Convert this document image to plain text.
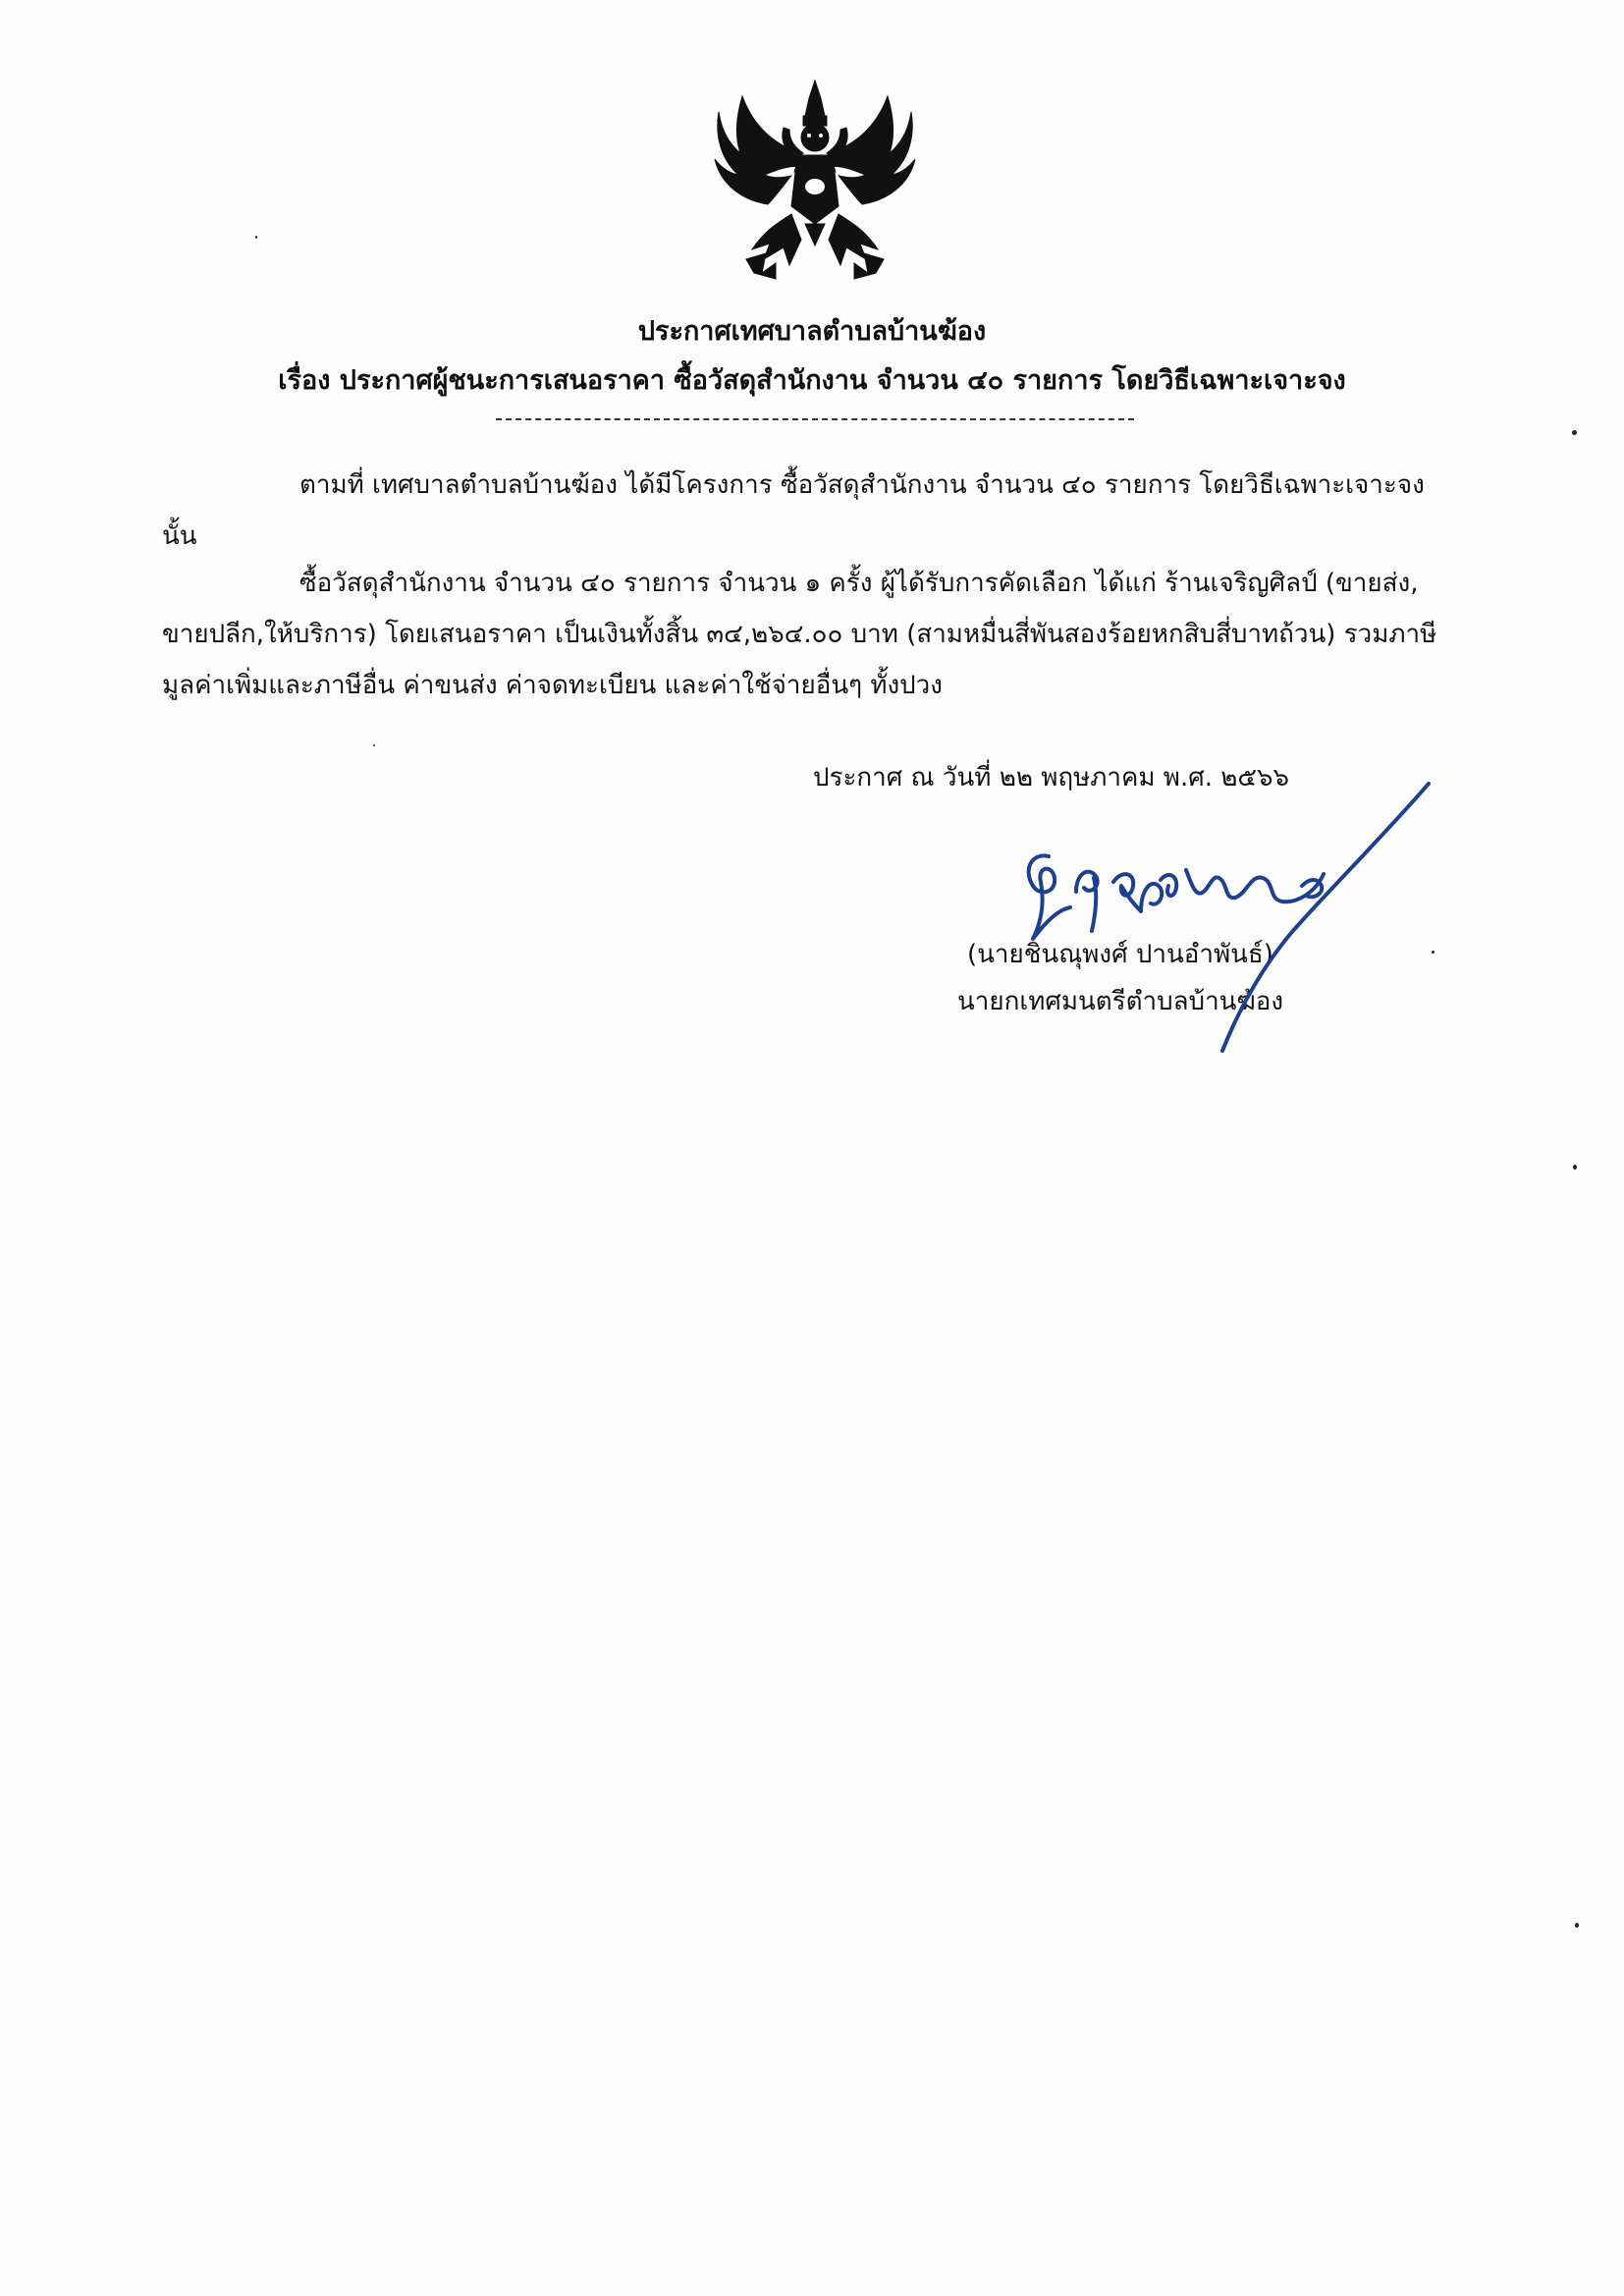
ประกาศเทศบาลตำบลบ้านฆ้อง
เรื่อง ประกาศผู้ชนะการเสนอราคา ซื้อวัสดุสำนักงาน จำนวน ๔๐ รายการ โดยวิธีเฉพาะเจาะจง
ตามที่ เทศบาลตำบลบ้านฆ้อง ได้มีโครงการ ซื้อวัสดุสำนักงาน จำนวน ๔๐ รายการ โดยวิธีเฉพาะเจาะจง นั้น
ซื้อวัสดุสำนักงาน จำนวน ๔๐ รายการ จำนวน ๑ ครั้ง ผู้ได้รับการคัดเลือก ได้แก่ ร้านเจริญศิลป์ (ขายส่ง, ขายปลีก,ให้บริการ) โดยเสนอราคา เป็นเงินทั้งสิ้น ๓๔,๒๖๔.๐๐ บาท (สามหมื่นสี่พันสองร้อยหกสิบสี่บาทถ้วน) รวมภาษีมูลค่าเพิ่มและภาษีอื่น ค่าขนส่ง ค่าจดทะเบียน และค่าใช้จ่ายอื่นๆ ทั้งปวง
ประกาศ ณ วันที่ ๒๒ พฤษภาคม พ.ศ. ๒๕๖๖
(นายชินณุพงศ์ ปานอำพันธ์)
นายกเทศมนตรีตำบลบ้านฆ้อง
